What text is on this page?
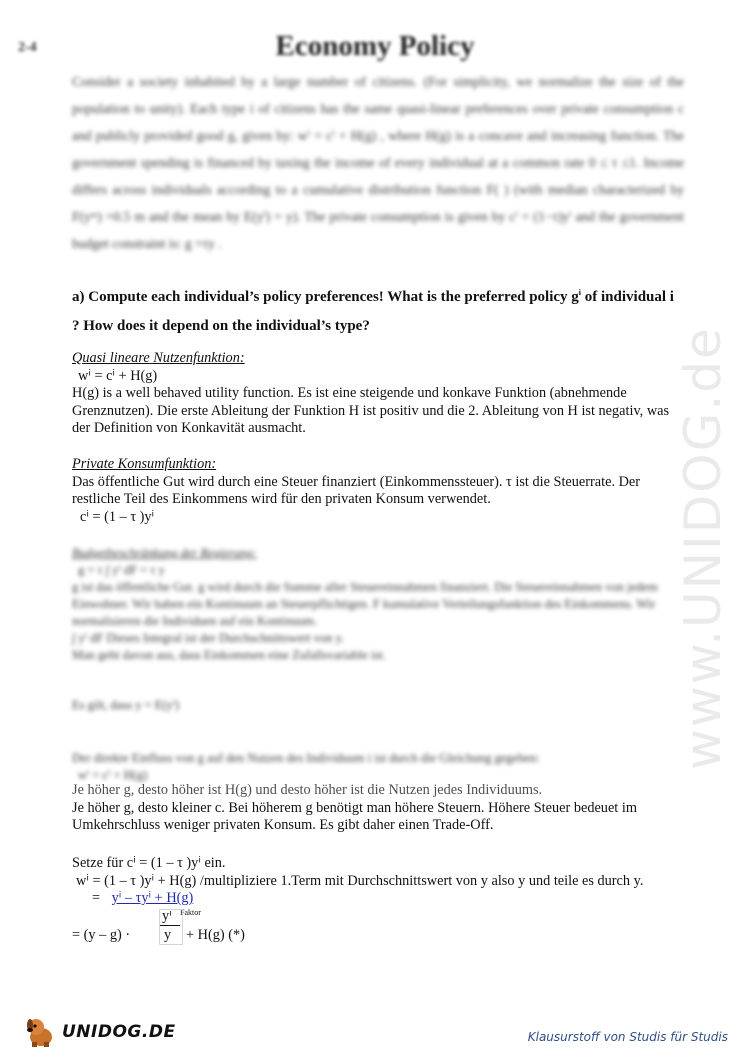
2-4	Economy Policy
Consider a society inhabited by a large number of citizens. (For simplicity, we normalize the size of the population to unity). Each type i of citizens has the same quasi-linear preferences over private consumption c and publicly provided good g, given by: wⁱ = cⁱ + H(g) , where H(g) is a concave and increasing function. The government spending is financed by taxing the income of every individual at a common rate 0 ≤ τ ≤1. Income differs across individuals according to a cumulative distribution function F( ) (with median characterized by F(yᵐ) =0.5 m and the mean by E(yⁱ) = y). The private consumption is given by cⁱ = (1−τ)yⁱ and the government budget constraint is: g =τy .
a) Compute each individual’s policy preferences! What is the preferred policy $g^i$ of individual i
? How does it depend on the individual’s type?
Quasi lineare Nutzenfunktion:
wⁱ = cⁱ + H(g)
H(g) is a well behaved utility function. Es ist eine steigende und konkave Funktion (abnehmende Grenznutzen). Die erste Ableitung der Funktion H ist positiv und die 2. Ableitung von H ist negativ, was der Definition von Konkavität ausmacht.
Private Konsumfunktion:
Das öffentliche Gut wird durch eine Steuer finanziert (Einkommenssteuer). τ ist die Steuerrate. Der restliche Teil des Einkommens wird für den privaten Konsum verwendet.
cⁱ = (1 – τ )yⁱ
Budgetbeschränkung der Regierung:
g = τ ∫ yⁱ dF = τ y
g ist das öffentliche Gut. g wird durch die Summe aller Steuereinnahmen finanziert. Die Steuereinnahmen von jedem Einwohner. Wir haben ein Kontinuum an Steuerpflichtigen. F kumulative Verteilungsfunktion des Einkommens. Wir normalisieren die Individuen auf ein Kontinuum.
∫ yⁱ dF Dieses Integral ist der Durchschnittswert von y.
Man geht davon aus, dass Einkommen eine Zufallsvariable ist.
Es gilt, dass y = E(yⁱ)
Der direkte Einfluss von g auf den Nutzen des Individuum i ist durch die Gleichung gegeben:
wⁱ = cⁱ + H(g)
Je höher g, desto höher ist H(g) und desto höher ist die Nutzen jedes Individuums.
Je höher g, desto kleiner c. Bei höherem g benötigt man höhere Steuern. Höhere Steuer bedeuet im Umkehrschluss weniger privaten Konsum. Es gibt daher einen Trade-Off.
Setze für cⁱ = (1 – τ )yⁱ ein.
wⁱ = (1 – τ )yⁱ + H(g) /multipliziere 1.Term mit Durchschnittswert von y also y und teile es durch y.
= yⁱ – τyⁱ + H(g)
yⁱ Faktor
= (y – g) · y + H(g) (*)
www.UNIDOG.de
UNIDOG.DE	Klausurstoff von Studis für Studis
